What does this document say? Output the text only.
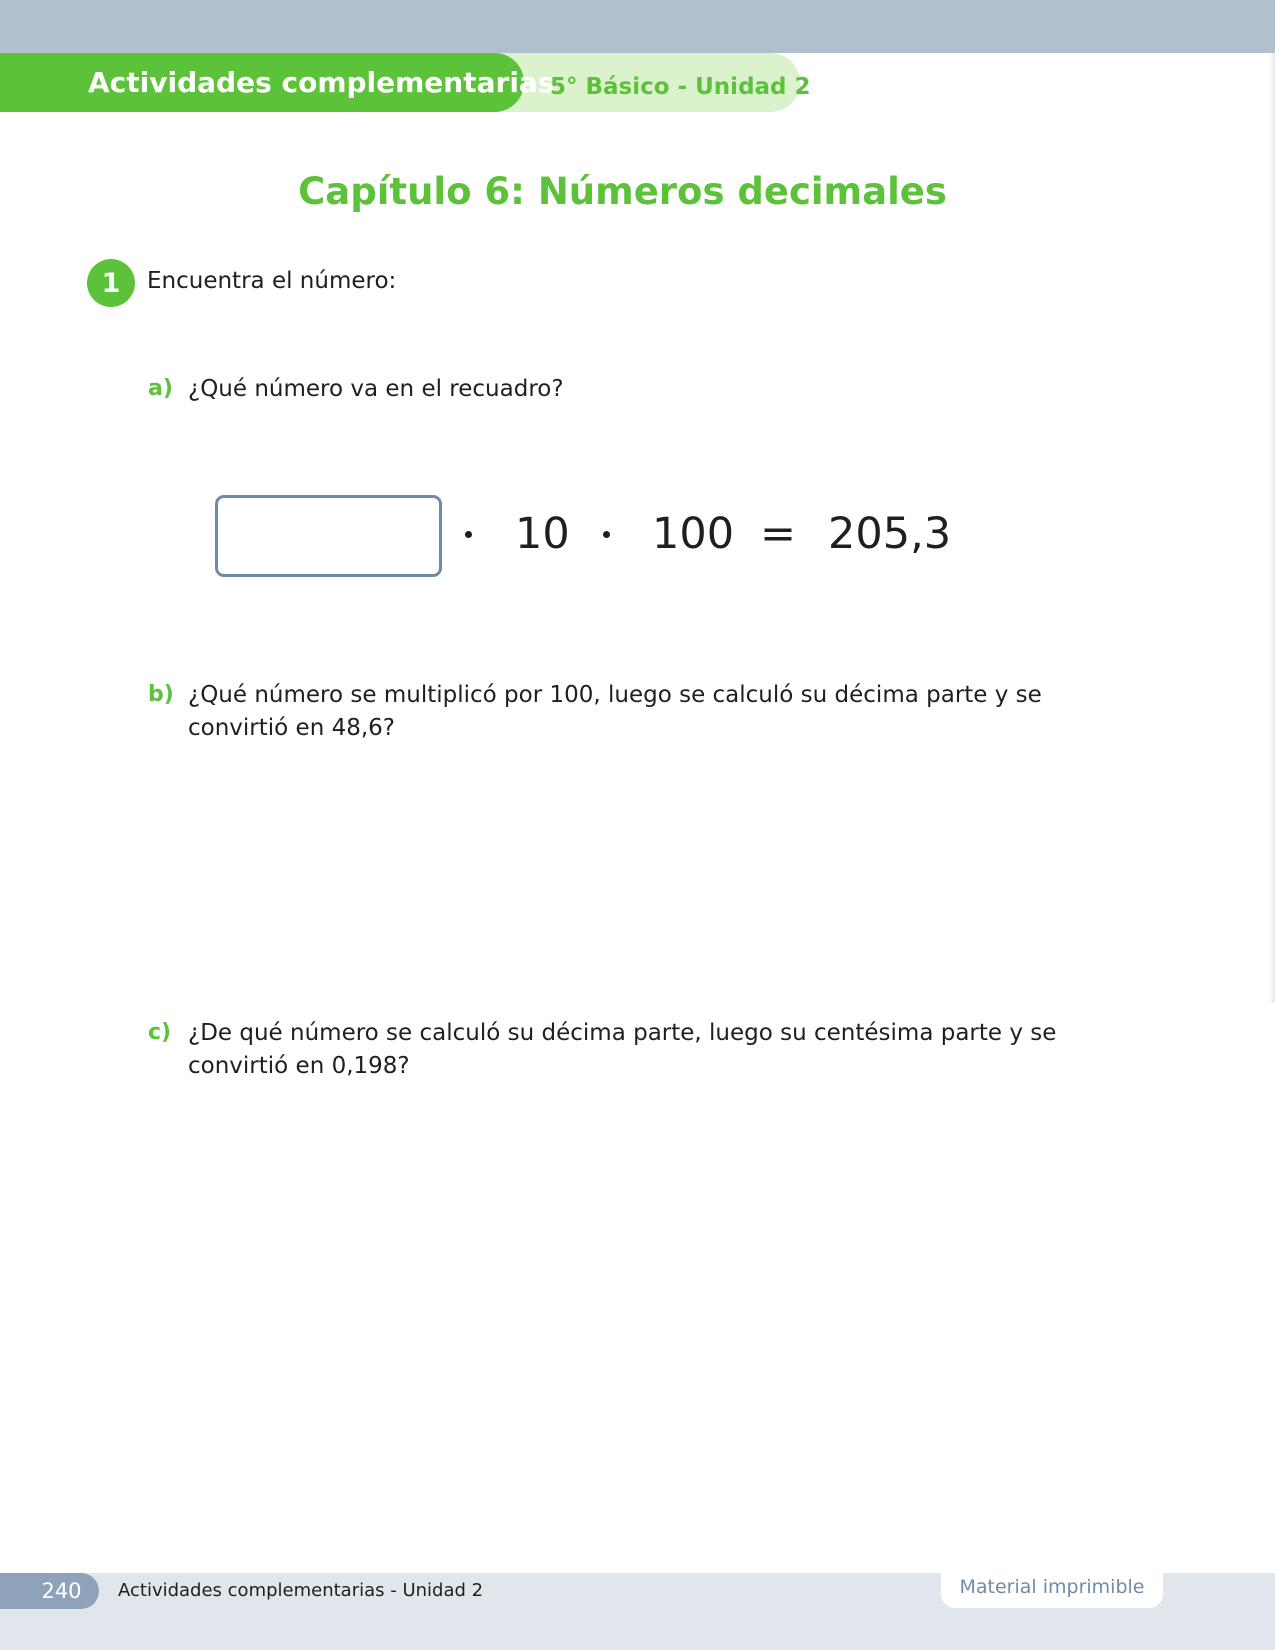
Actividades complementarias
5° Básico - Unidad 2
Capítulo 6: Números decimales
1	Encuentra el número:
a) ¿Qué número va en el recuadro?
10 100 = 205,3
b) ¿Qué número se multiplicó por 100, luego se calculó su décima parte y se convirtió en 48,6?
c) ¿De qué número se calculó su décima parte, luego su centésima parte y se convirtió en 0,198?
240	Actividades complementarias - Unidad 2	Material imprimible
